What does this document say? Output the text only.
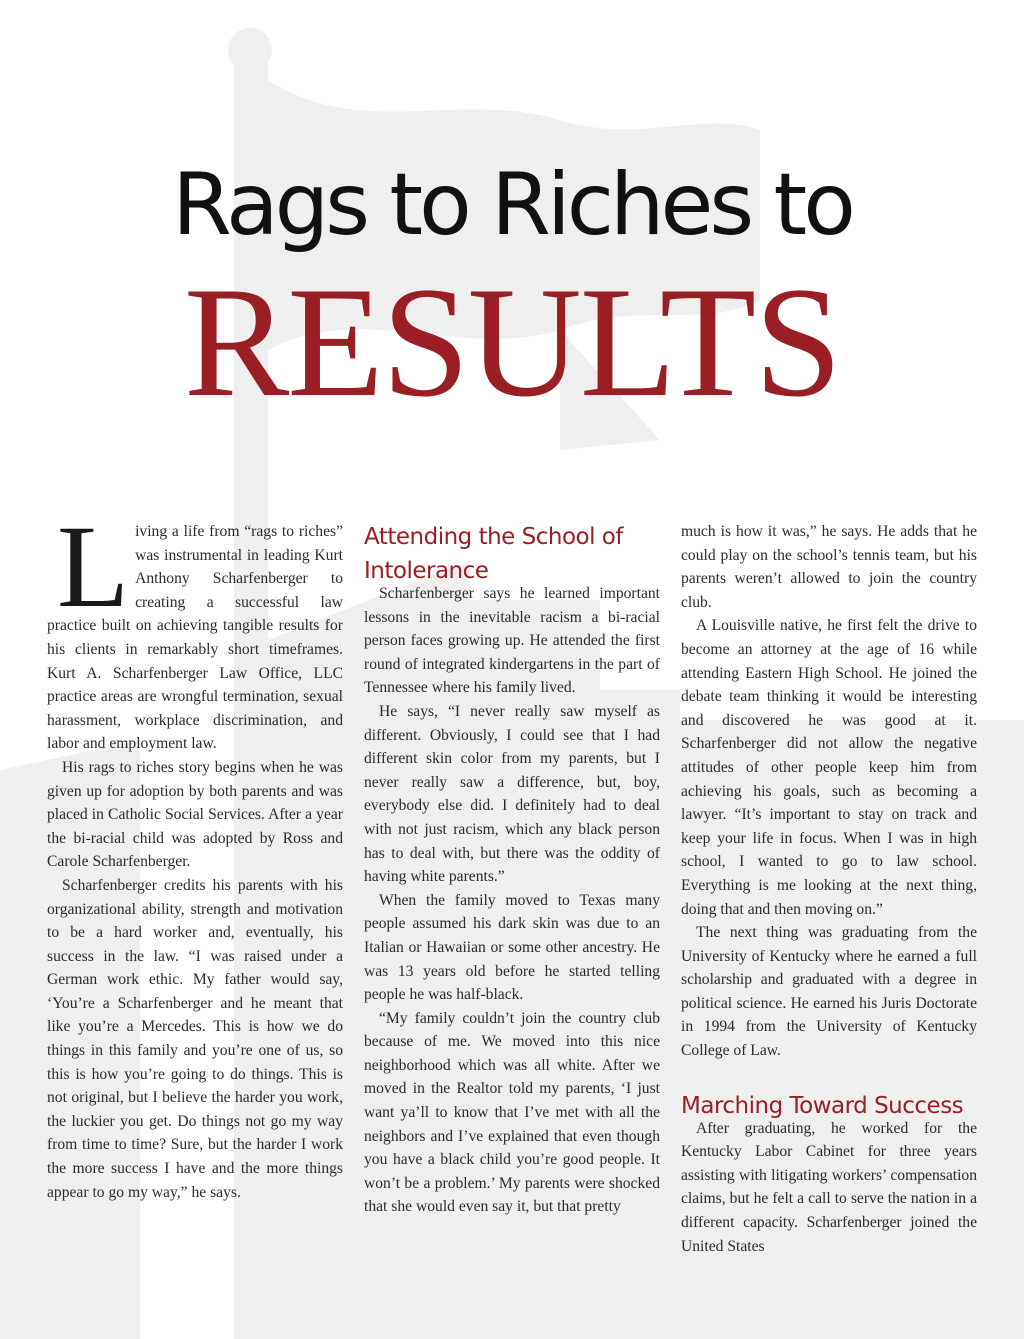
Rags to Riches to
RESULTS

Living a life from “rags to riches” was instrumental in leading Kurt Anthony Scharfenberger to creating a successful law practice built on achieving tangible results for his clients in remarkably short timeframes. Kurt A. Scharfenberger Law Office, LLC practice areas are wrongful termination, sexual harassment, workplace discrimination, and labor and employment law.

His rags to riches story begins when he was given up for adoption by both parents and was placed in Catholic Social Services. After a year the bi-racial child was adopted by Ross and Carole Scharfenberger.

Scharfenberger credits his parents with his organizational ability, strength and motivation to be a hard worker and, eventually, his success in the law. “I was raised under a German work ethic. My father would say, ‘You’re a Scharfenberger and he meant that like you’re a Mercedes. This is how we do things in this family and you’re one of us, so this is how you’re going to do things. This is not original, but I believe the harder you work, the luckier you get. Do things not go my way from time to time? Sure, but the harder I work the more success I have and the more things appear to go my way,” he says.

Attending the School of Intolerance

Scharfenberger says he learned important lessons in the inevitable racism a bi-racial person faces growing up. He attended the first round of integrated kindergartens in the part of Tennessee where his family lived.

He says, “I never really saw myself as different. Obviously, I could see that I had different skin color from my parents, but I never really saw a difference, but, boy, everybody else did. I definitely had to deal with not just racism, which any black person has to deal with, but there was the oddity of having white parents.”

When the family moved to Texas many people assumed his dark skin was due to an Italian or Hawaiian or some other ancestry. He was 13 years old before he started telling people he was half-black.

“My family couldn’t join the country club because of me. We moved into this nice neighborhood which was all white. After we moved in the Realtor told my parents, ‘I just want ya’ll to know that I’ve met with all the neighbors and I’ve explained that even though you have a black child you’re good people. It won’t be a problem.’ My parents were shocked that she would even say it, but that pretty

much is how it was,” he says. He adds that he could play on the school’s tennis team, but his parents weren’t allowed to join the country club.

A Louisville native, he first felt the drive to become an attorney at the age of 16 while attending Eastern High School. He joined the debate team thinking it would be interesting and discovered he was good at it. Scharfenberger did not allow the negative attitudes of other people keep him from achieving his goals, such as becoming a lawyer. “It’s important to stay on track and keep your life in focus. When I was in high school, I wanted to go to law school. Everything is me looking at the next thing, doing that and then moving on.”

The next thing was graduating from the University of Kentucky where he earned a full scholarship and graduated with a degree in political science. He earned his Juris Doctorate in 1994 from the University of Kentucky College of Law.

Marching Toward Success

After graduating, he worked for the Kentucky Labor Cabinet for three years assisting with litigating workers’ compensation claims, but he felt a call to serve the nation in a different capacity. Scharfenberger joined the United States
